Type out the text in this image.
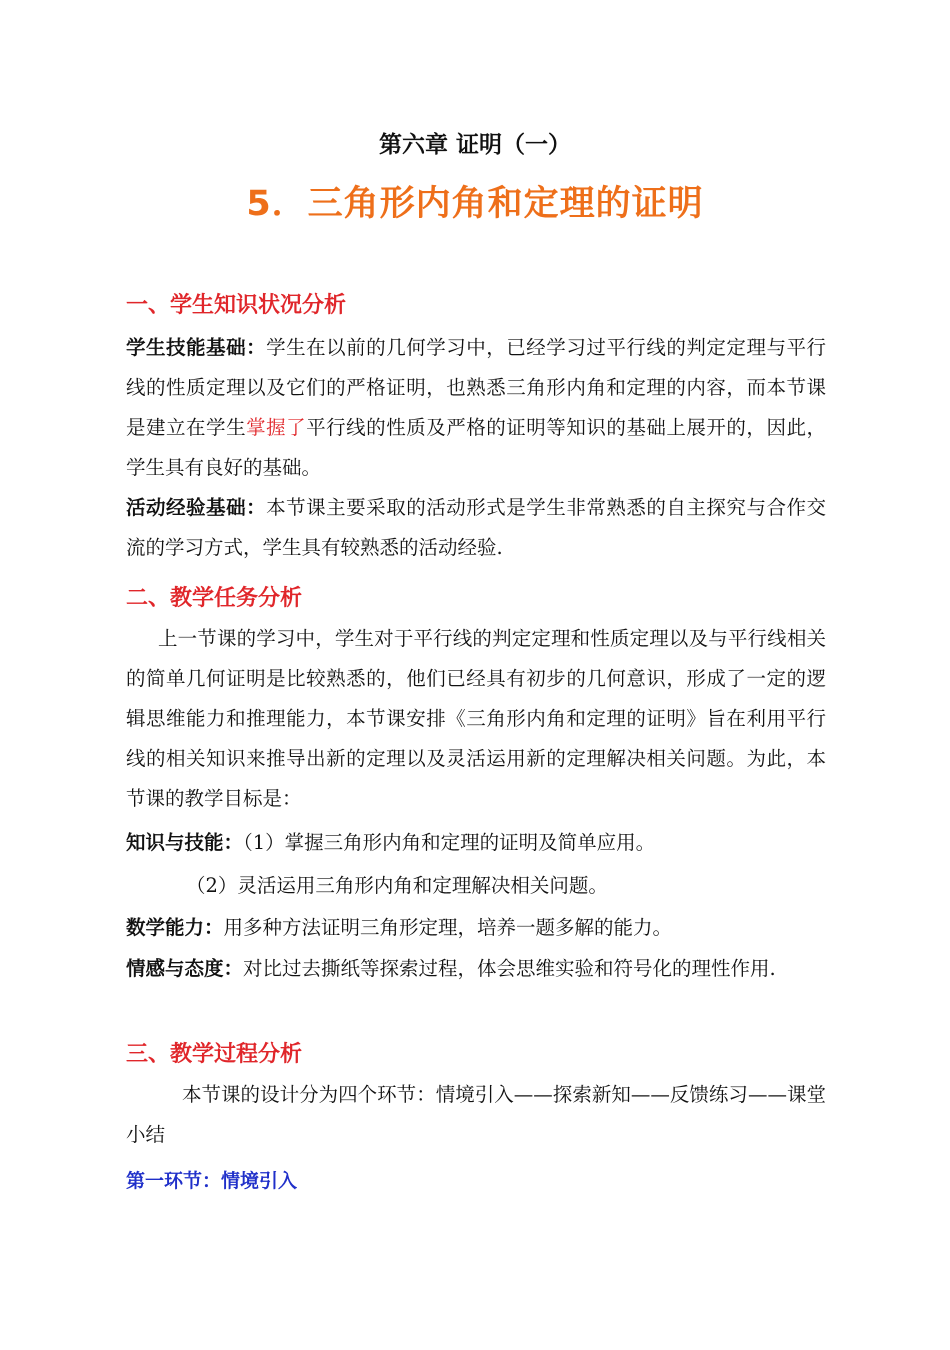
第六章 证明（一）
5．三角形内角和定理的证明
一、学生知识状况分析
学生技能基础：学生在以前的几何学习中，已经学习过平行线的判定定理与平行线的性质定理以及它们的严格证明，也熟悉三角形内角和定理的内容，而本节课是建立在学生掌握了平行线的性质及严格的证明等知识的基础上展开的，因此，学生具有良好的基础。
活动经验基础：本节课主要采取的活动形式是学生非常熟悉的自主探究与合作交流的学习方式，学生具有较熟悉的活动经验.
二、教学任务分析
上一节课的学习中，学生对于平行线的判定定理和性质定理以及与平行线相关的简单几何证明是比较熟悉的，他们已经具有初步的几何意识，形成了一定的逻辑思维能力和推理能力，本节课安排《三角形内角和定理的证明》旨在利用平行线的相关知识来推导出新的定理以及灵活运用新的定理解决相关问题。为此，本节课的教学目标是：
知识与技能：（1）掌握三角形内角和定理的证明及简单应用。
（2）灵活运用三角形内角和定理解决相关问题。
数学能力：用多种方法证明三角形定理，培养一题多解的能力。
情感与态度：对比过去撕纸等探索过程，体会思维实验和符号化的理性作用.
三、教学过程分析
本节课的设计分为四个环节：情境引入——探索新知——反馈练习——课堂小结
第一环节：情境引入
